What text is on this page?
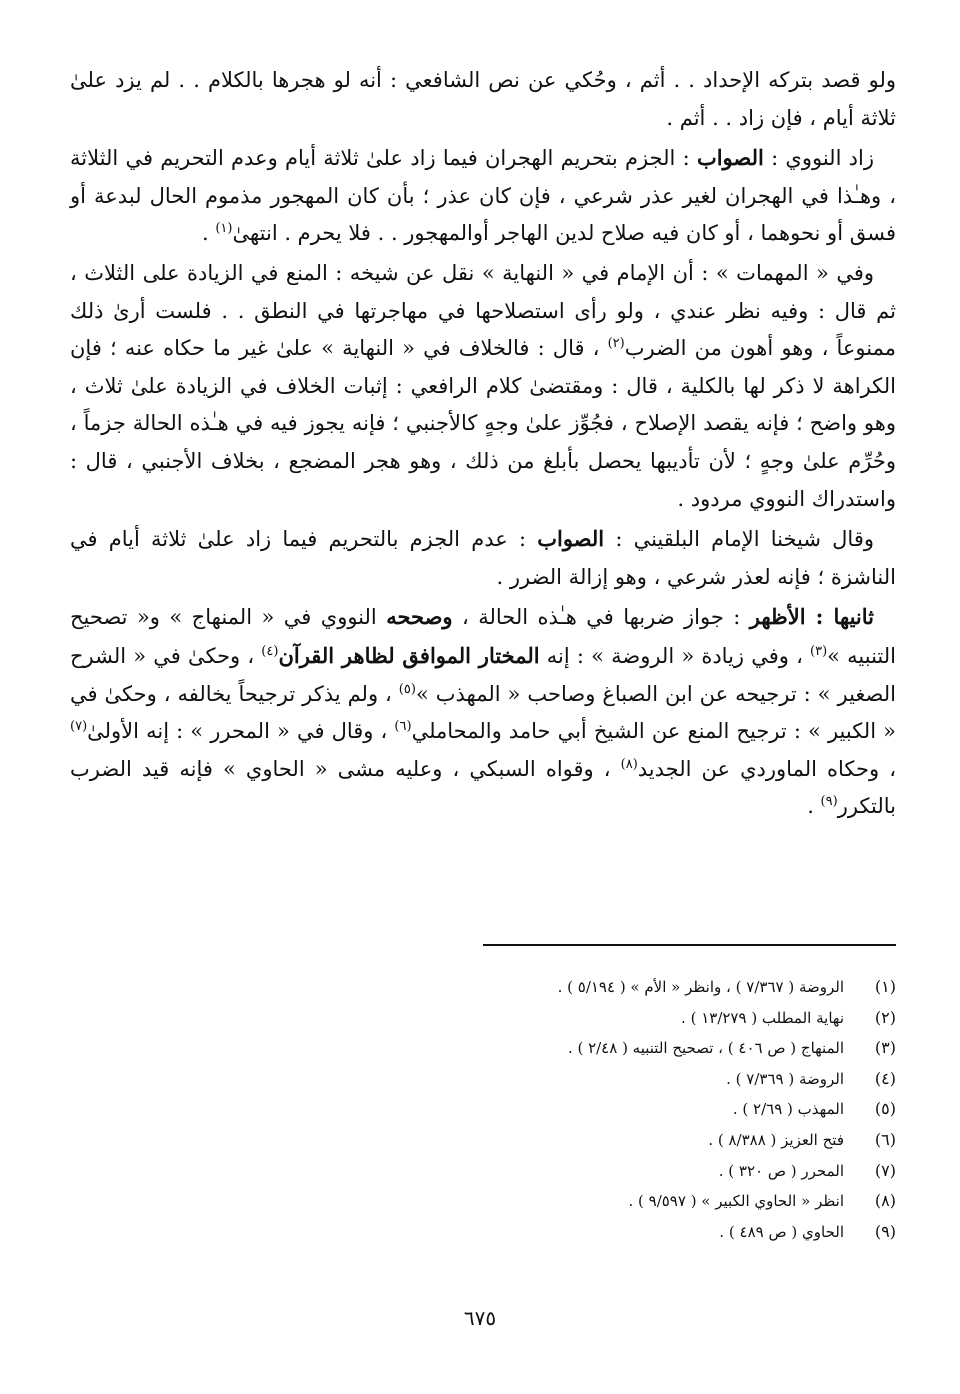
ولو قصد بتركه الإحداد . . أثم ، وحُكي عن نص الشافعي : أنه لو هجرها بالكلام . . لم يزد علىٰ ثلاثة أيام ، فإن زاد . . أثم .

زاد النووي : الصواب : الجزم بتحريم الهجران فيما زاد علىٰ ثلاثة أيام وعدم التحريم في الثلاثة ، وهـٰذا في الهجران لغير عذر شرعي ، فإن كان عذر ؛ بأن كان المهجور مذموم الحال لبدعة أو فسق أو نحوهما ، أو كان فيه صلاح لدين الهاجر أوالمهجور . . فلا يحرم . انتهىٰ$^{(١)}$ .

وفي « المهمات » : أن الإمام في « النهاية » نقل عن شيخه : المنع في الزيادة على الثلاث ، ثم قال : وفيه نظر عندي ، ولو رأى استصلاحها في مهاجرتها في النطق . . فلست أرىٰ ذلك ممنوعاً ، وهو أهون من الضرب$^{(٢)}$ ، قال : فالخلاف في « النهاية » علىٰ غير ما حكاه عنه ؛ فإن الكراهة لا ذكر لها بالكلية ، قال : ومقتضىٰ كلام الرافعي : إثبات الخلاف في الزيادة علىٰ ثلاث ، وهو واضح ؛ فإنه يقصد الإصلاح ، فجُوِّز علىٰ وجهٍ كالأجنبي ؛ فإنه يجوز فيه في هـٰذه الحالة جزماً ، وحُرِّم علىٰ وجهٍ ؛ لأن تأديبها يحصل بأبلغ من ذلك ، وهو هجر المضجع ، بخلاف الأجنبي ، قال : واستدراك النووي مردود .

وقال شيخنا الإمام البلقيني : الصواب : عدم الجزم بالتحريم فيما زاد علىٰ ثلاثة أيام في الناشزة ؛ فإنه لعذر شرعي ، وهو إزالة الضرر .

ثانيها : الأظهر : جواز ضربها في هـٰذه الحالة ، وصححه النووي في « المنهاج » و« تصحيح التنبيه »$^{(٣)}$ ، وفي زيادة « الروضة » : إنه المختار الموافق لظاهر القرآن$^{(٤)}$ ، وحكىٰ في « الشرح الصغير » : ترجيحه عن ابن الصباغ وصاحب « المهذب »$^{(٥)}$ ، ولم يذكر ترجيحاً يخالفه ، وحكىٰ في « الكبير » : ترجيح المنع عن الشيخ أبي حامد والمحاملي$^{(٦)}$ ، وقال في « المحرر » : إنه الأولىٰ$^{(٧)}$ ، وحكاه الماوردي عن الجديد$^{(٨)}$ ، وقواه السبكي ، وعليه مشى « الحاوي » فإنه قيد الضرب بالتكرر$^{(٩)}$ .

(١)الروضة ( ٧/٣٦٧ ) ، وانظر « الأم » ( ٥/١٩٤ ) .
(٢)نهاية المطلب ( ١٣/٢٧٩ ) .
(٣)المنهاج ( ص ٤٠٦ ) ، تصحيح التنبيه ( ٢/٤٨ ) .
(٤)الروضة ( ٧/٣٦٩ ) .
(٥)المهذب ( ٢/٦٩ ) .
(٦)فتح العزيز ( ٨/٣٨٨ ) .
(٧)المحرر ( ص ٣٢٠ ) .
(٨)انظر « الحاوي الكبير » ( ٩/٥٩٧ ) .
(٩)الحاوي ( ص ٤٨٩ ) .
٦٧٥
